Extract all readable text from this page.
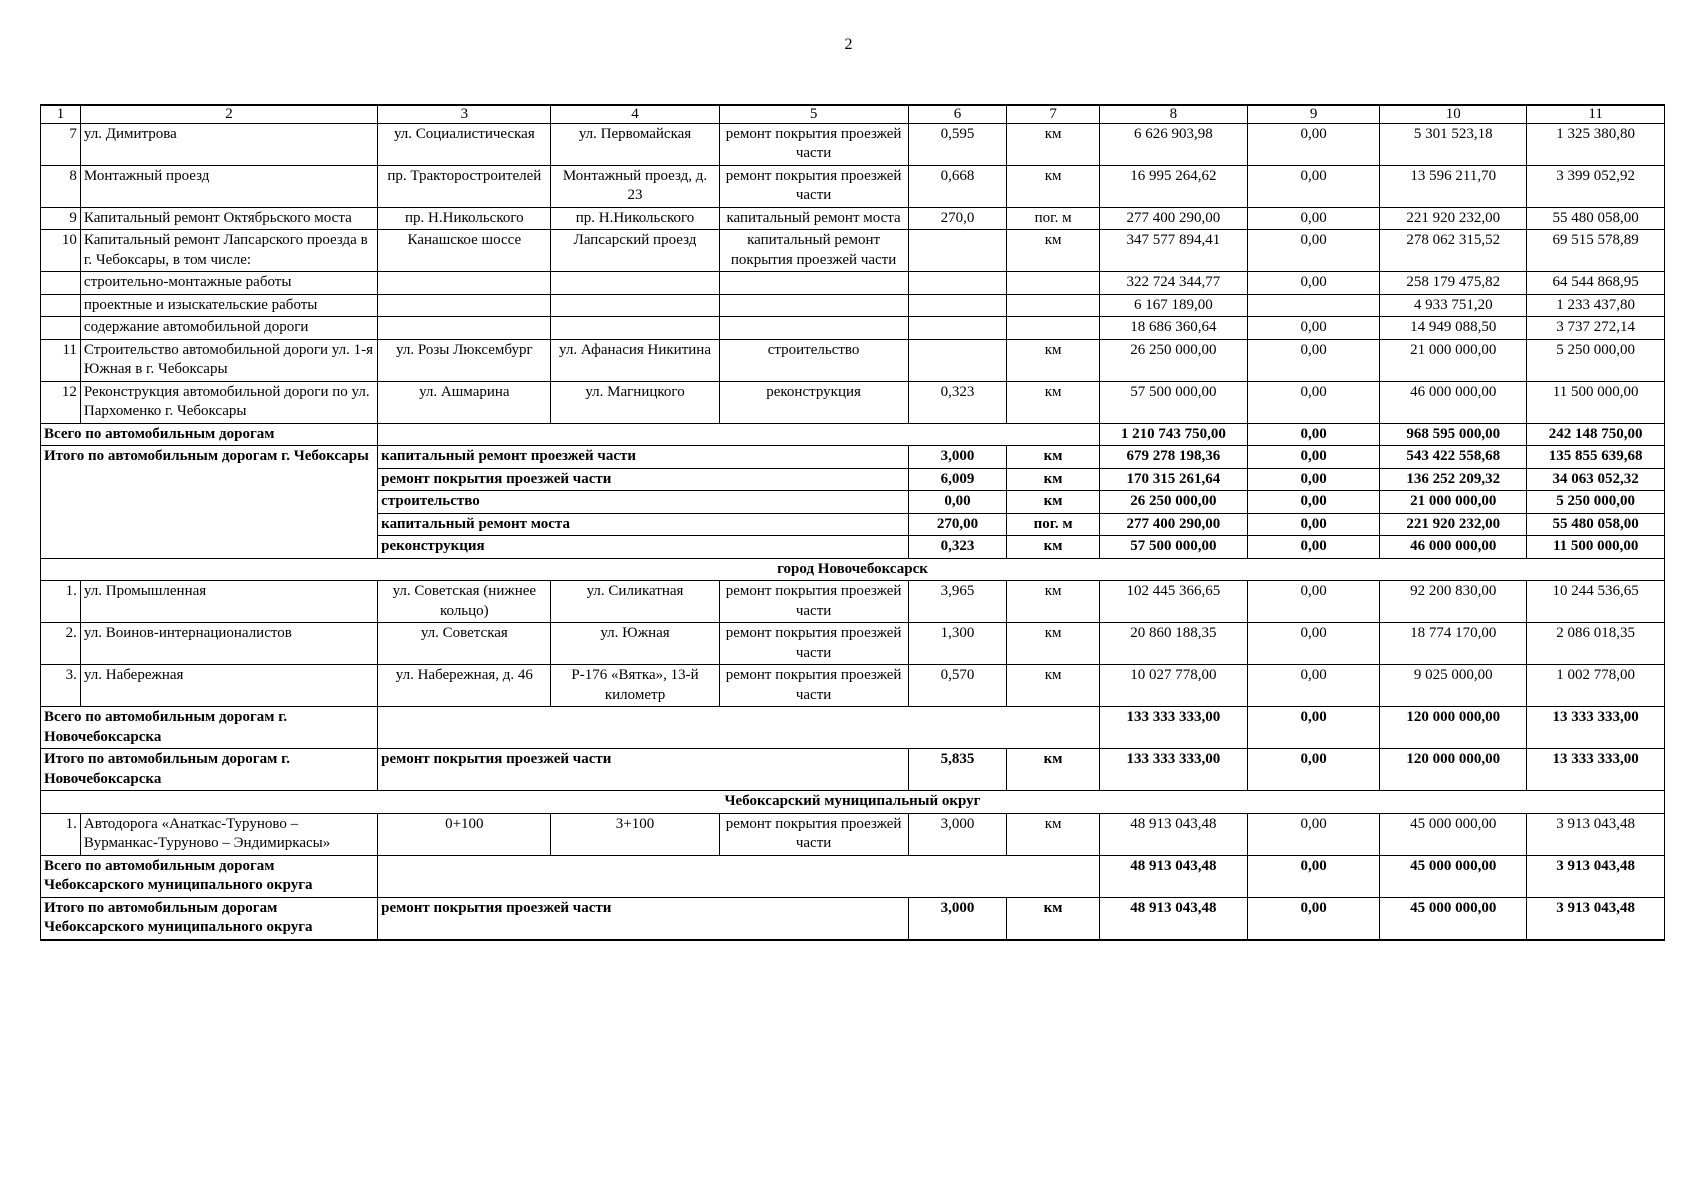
2
1	2	3	4	5	6	7	8	9	10	11
7	ул. Димитрова	ул. Социалистическая	ул. Первомайская	ремонт покрытия проезжей части	0,595	км	6 626 903,98	0,00	5 301 523,18	1 325 380,80
8	Монтажный проезд	пр. Тракторостроителей	Монтажный проезд, д. 23	ремонт покрытия проезжей части	0,668	км	16 995 264,62	0,00	13 596 211,70	3 399 052,92
9	Капитальный ремонт Октябрьского моста	пр. Н.Никольского	пр. Н.Никольского	капитальный ремонт моста	270,0	пог. м	277 400 290,00	0,00	221 920 232,00	55 480 058,00
10	Капитальный ремонт Лапсарского проезда в г. Чебоксары, в том числе:	Канашское шоссе	Лапсарский проезд	капитальный ремонт покрытия проезжей части		км	347 577 894,41	0,00	278 062 315,52	69 515 578,89
	строительно-монтажные работы						322 724 344,77	0,00	258 179 475,82	64 544 868,95
	проектные и изыскательские работы						6 167 189,00		4 933 751,20	1 233 437,80
	содержание автомобильной дороги						18 686 360,64	0,00	14 949 088,50	3 737 272,14
11	Строительство автомобильной дороги ул. 1-я Южная в г. Чебоксары	ул. Розы Люксембург	ул. Афанасия Никитина	строительство		км	26 250 000,00	0,00	21 000 000,00	5 250 000,00
12	Реконструкция автомобильной дороги по ул. Пархоменко г. Чебоксары	ул. Ашмарина	ул. Магницкого	реконструкция	0,323	км	57 500 000,00	0,00	46 000 000,00	11 500 000,00
Всего по автомобильным дорогам							1 210 743 750,00	0,00	968 595 000,00	242 148 750,00
Итого по автомобильным дорогам г. Чебоксары		капитальный ремонт проезжей части			3,000	км	679 278 198,36	0,00	543 422 558,68	135 855 639,68
		ремонт покрытия проезжей части			6,009	км	170 315 261,64	0,00	136 252 209,32	34 063 052,32
		строительство			0,00	км	26 250 000,00	0,00	21 000 000,00	5 250 000,00
		капитальный ремонт моста			270,00	пог. м	277 400 290,00	0,00	221 920 232,00	55 480 058,00
		реконструкция			0,323	км	57 500 000,00	0,00	46 000 000,00	11 500 000,00
город Новочебоксарск										
1.	ул. Промышленная	ул. Советская (нижнее кольцо)	ул. Силикатная	ремонт покрытия проезжей части	3,965	км	102 445 366,65	0,00	92 200 830,00	10 244 536,65
2.	ул. Воинов-интернационалистов	ул. Советская	ул. Южная	ремонт покрытия проезжей части	1,300	км	20 860 188,35	0,00	18 774 170,00	2 086 018,35
3.	ул. Набережная	ул. Набережная, д. 46	Р-176 «Вятка», 13-й километр	ремонт покрытия проезжей части	0,570	км	10 027 778,00	0,00	9 025 000,00	1 002 778,00
Всего по автомобильным дорогам г. Новочебоксарска							133 333 333,00	0,00	120 000 000,00	13 333 333,00
Итого по автомобильным дорогам г. Новочебоксарска		ремонт покрытия проезжей части			5,835	км	133 333 333,00	0,00	120 000 000,00	13 333 333,00
Чебоксарский муниципальный округ										
1.	Автодорога «Анаткас-Туруново – Вурманкас-Туруново – Эндимиркасы»	0+100	3+100	ремонт покрытия проезжей части	3,000	км	48 913 043,48	0,00	45 000 000,00	3 913 043,48
Всего по автомобильным дорогам Чебоксарского муниципального округа							48 913 043,48	0,00	45 000 000,00	3 913 043,48
Итого по автомобильным дорогам Чебоксарского муниципального округа		ремонт покрытия проезжей части			3,000	км	48 913 043,48	0,00	45 000 000,00	3 913 043,48
